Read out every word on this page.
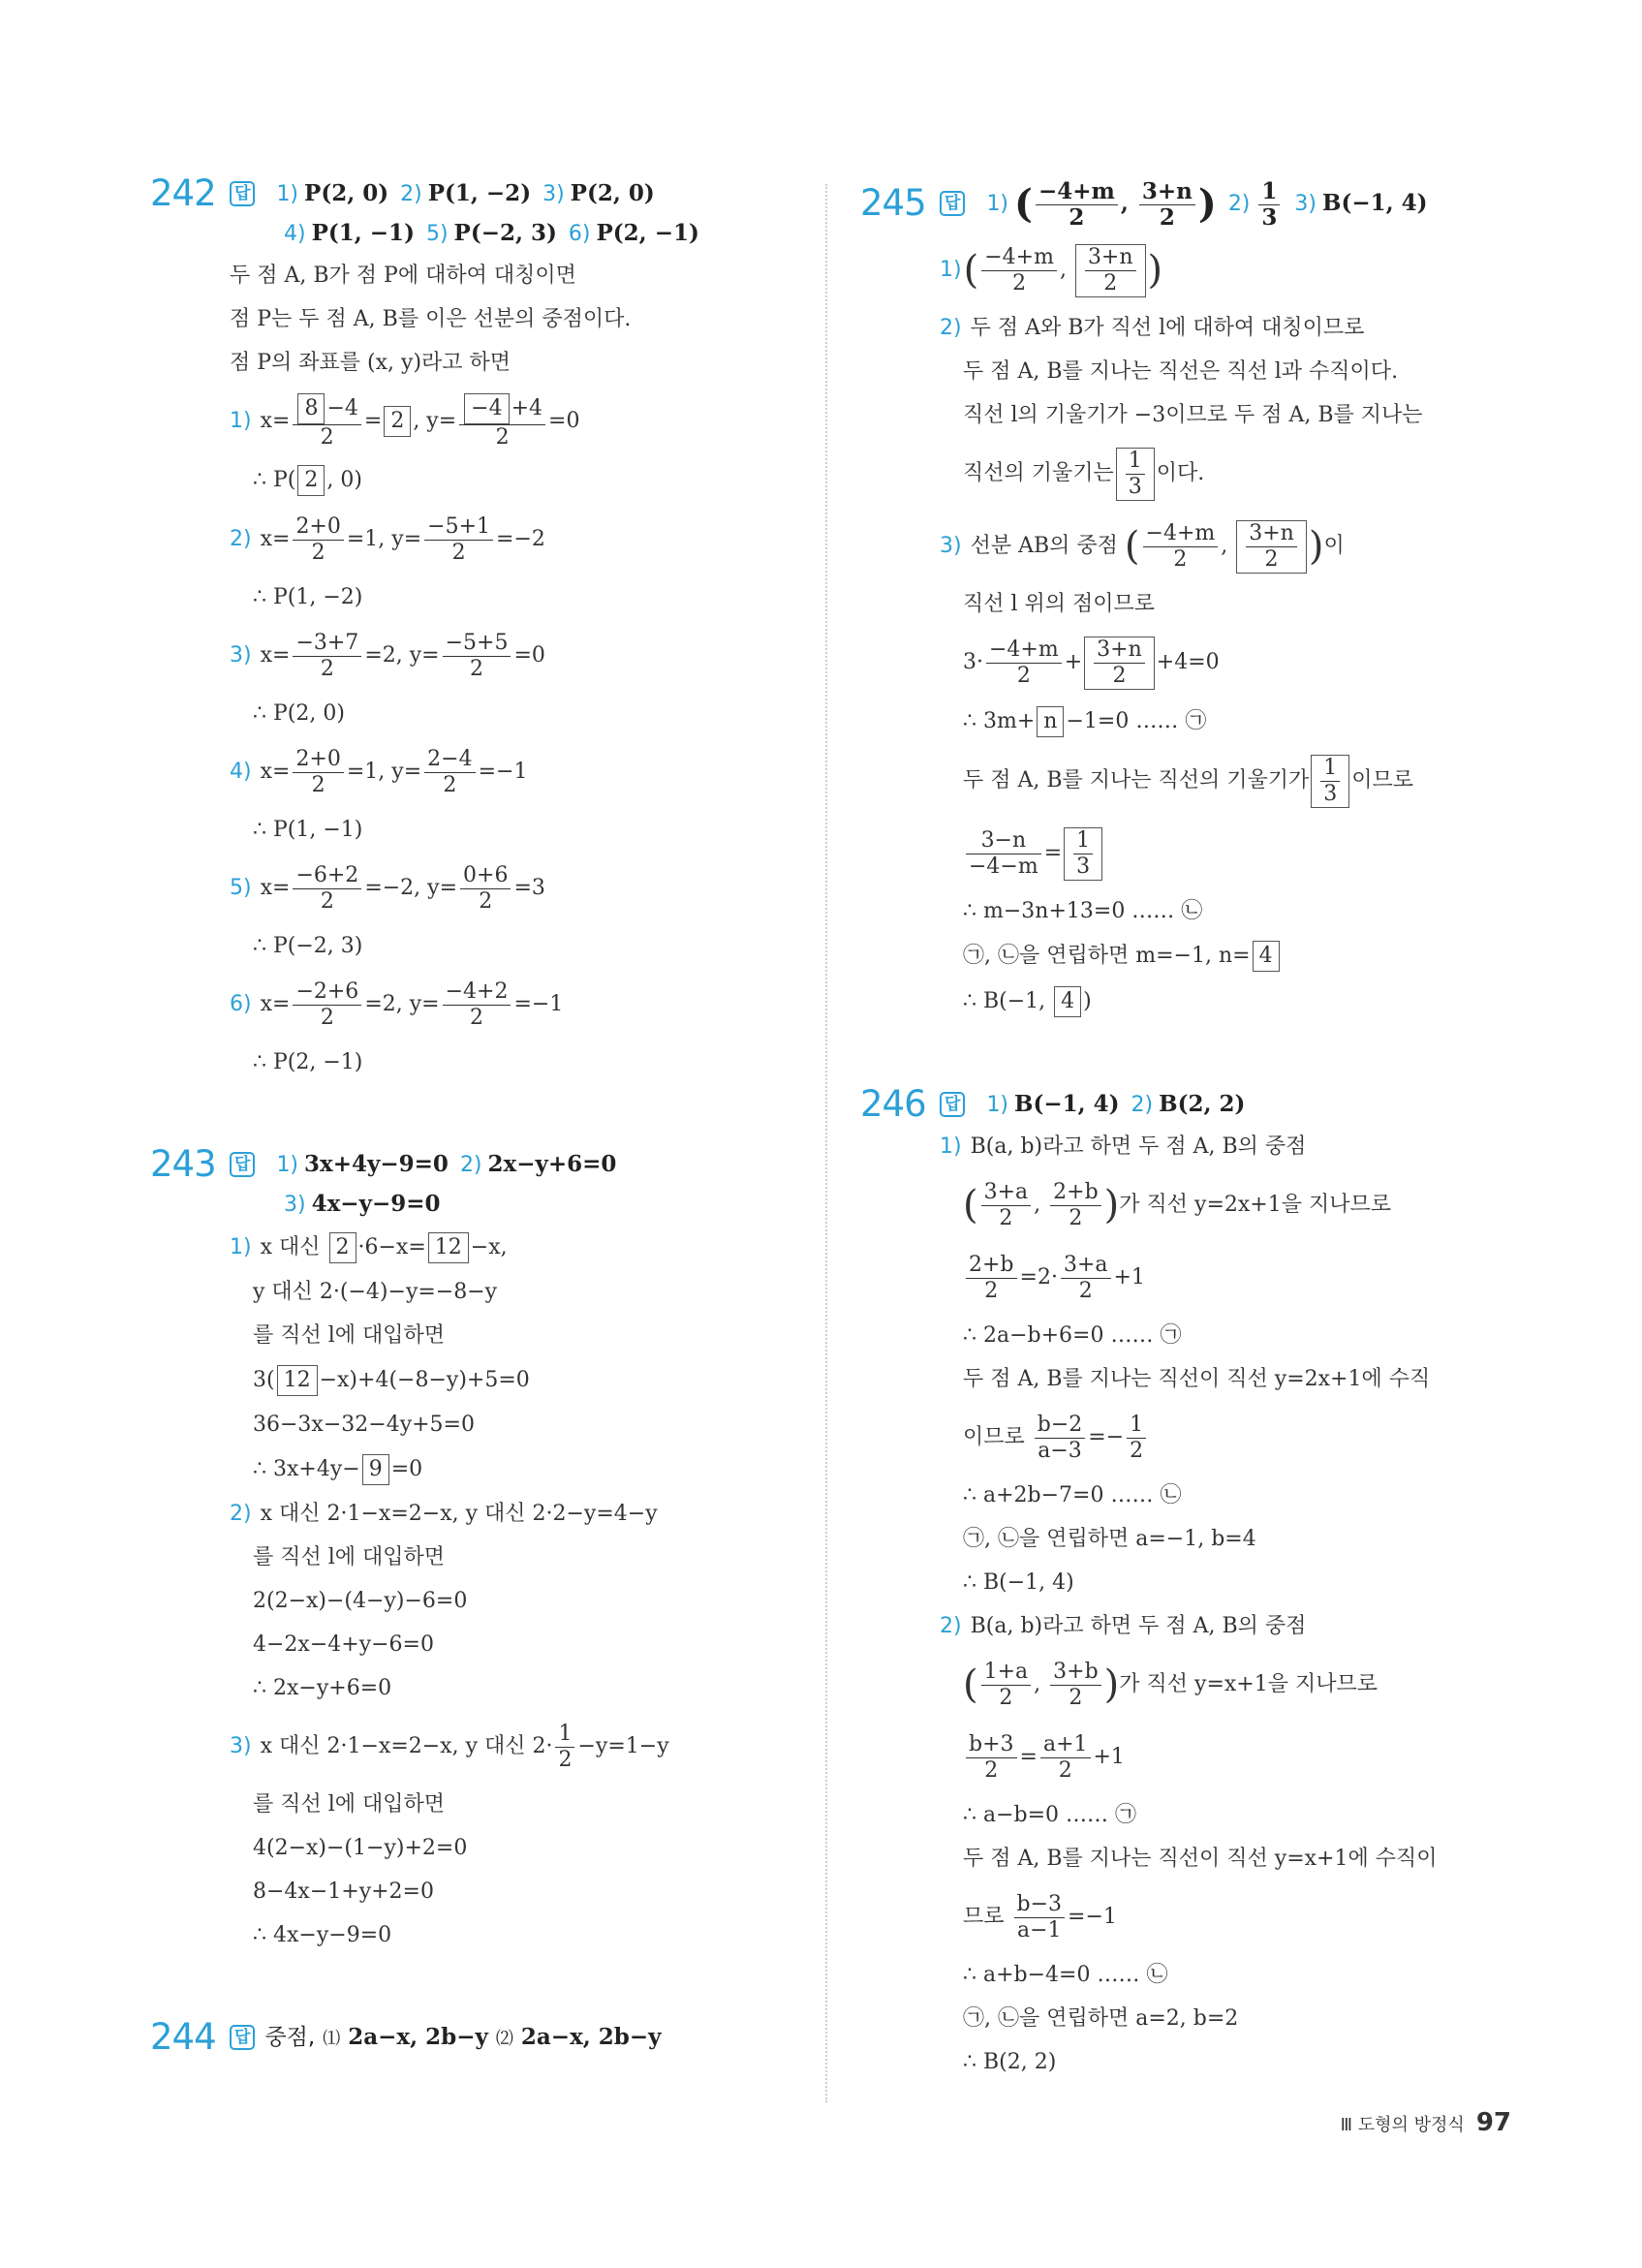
242 답 1) P(2, 0) 2) P(1, −2) 3) P(2, 0)
4) P(1, −1) 5) P(−2, 3) 6) P(2, −1)
두 점 A, B가 점 P에 대하여 대칭이면
점 P는 두 점 A, B를 이은 선분의 중점이다.
점 P의 좌표를 (x, y)라고 하면
1) $x= \frac{8 -4}{2} = 2$ , $y= \frac{-4 +4}{2} =0$
∴ P( 2 , 0)
2) $x= \frac{2+0}{2} =1$, $y= \frac{-5+1}{2} =-2$
∴ P(1, −2)
3) $x= \frac{-3+7}{2} =2$, $y= \frac{-5+5}{2} =0$
∴ P(2, 0)
4) $x= \frac{2+0}{2} =1$, $y= \frac{2-4}{2} =-1$
∴ P(1, −1)
5) $x= \frac{-6+2}{2} =-2$, $y= \frac{0+6}{2} =3$
∴ P(−2, 3)
6) $x= \frac{-2+6}{2} =2$, $y= \frac{-4+2}{2} =-1$
∴ P(2, −1)
243 답 1) 3x+4y−9=0 2) 2x−y+6=0
3) 4x−y−9=0
1) x 대신 2 ·6−x= 12 −x,
y 대신 2·(−4)−y=−8−y
를 직선 l에 대입하면
3( 12 −x)+4(−8−y)+5=0
36−3x−32−4y+5=0
∴ 3x+4y− 9 =0
2) x 대신 2·1−x=2−x, y 대신 2·2−y=4−y
를 직선 l에 대입하면
2(2−x)−(4−y)−6=0
4−2x−4+y−6=0
∴ 2x−y+6=0
3) x 대신 2·1−x=2−x, y 대신 $2\cdot \frac{1}{2} -y=1-y$
를 직선 l에 대입하면
4(2−x)−(1−y)+2=0
8−4x−1+y+2=0
∴ 4x−y−9=0
244 답 중점, ⑴ 2a−x, 2b−y ⑵ 2a−x, 2b−y
245 답 1) ( $\frac{-4+m}{2}$ , $\frac{3+n}{2}$ ) $2) \frac{1}{3} 3$) B(−1, 4)
$1)( \frac{-4+m}{2}$ , $\frac{3+n}{2}$ )
2) 두 점 A와 B가 직선 l에 대하여 대칭이므로
두 점 A, B를 지나는 직선은 직선 l과 수직이다.
직선 l의 기울기가 −3이므로 두 점 A, B를 지나는
직선의 기울기는 $\frac{1}{3}$ 이다.
3) 선분 AB의 중점 ( $\frac{-4+m}{2}$ , $\frac{3+n}{2}$ )이
직선 l 위의 점이므로
$3\cdot \frac{-4+m}{2} + \frac{3+n}{2} +4=0$
∴ 3m+ n −1=0 …… ㉠
두 점 A, B를 지나는 직선의 기울기가 $\frac{1}{3}$ 이므로
$\frac{3-n}{-4-m} = \frac{1}{3}$
∴ m−3n+13=0 …… ㉡
㉠, ㉡을 연립하면 m=−1, n= 4
∴ B(−1, 4 )
246 답 1) B(−1, 4) 2) B(2, 2)
1) B(a, b)라고 하면 두 점 A, B의 중점
( $\frac{3+a}{2}$ , $\frac{2+b}{2}$ )가 직선 y=2x+1을 지나므로
$\frac{2+b}{2} =2\cdot \frac{3+a}{2} +1$
∴ 2a−b+6=0 …… ㉠
두 점 A, B를 지나는 직선이 직선 y=2x+1에 수직
이므로 $\frac{b-2}{a-3} =- \frac{1}{2}$
∴ a+2b−7=0 …… ㉡
㉠, ㉡을 연립하면 a=−1, b=4
∴ B(−1, 4)
2) B(a, b)라고 하면 두 점 A, B의 중점
( $\frac{1+a}{2}$ , $\frac{3+b}{2}$ )가 직선 y=x+1을 지나므로
$\frac{b+3}{2} = \frac{a+1}{2} +1$
∴ a−b=0 …… ㉠
두 점 A, B를 지나는 직선이 직선 y=x+1에 수직이
므로 $\frac{b-3}{a-1} =-1$
∴ a+b−4=0 …… ㉡
㉠, ㉡을 연립하면 a=2, b=2
∴ B(2, 2)
Ⅲ 도형의 방정식 97
